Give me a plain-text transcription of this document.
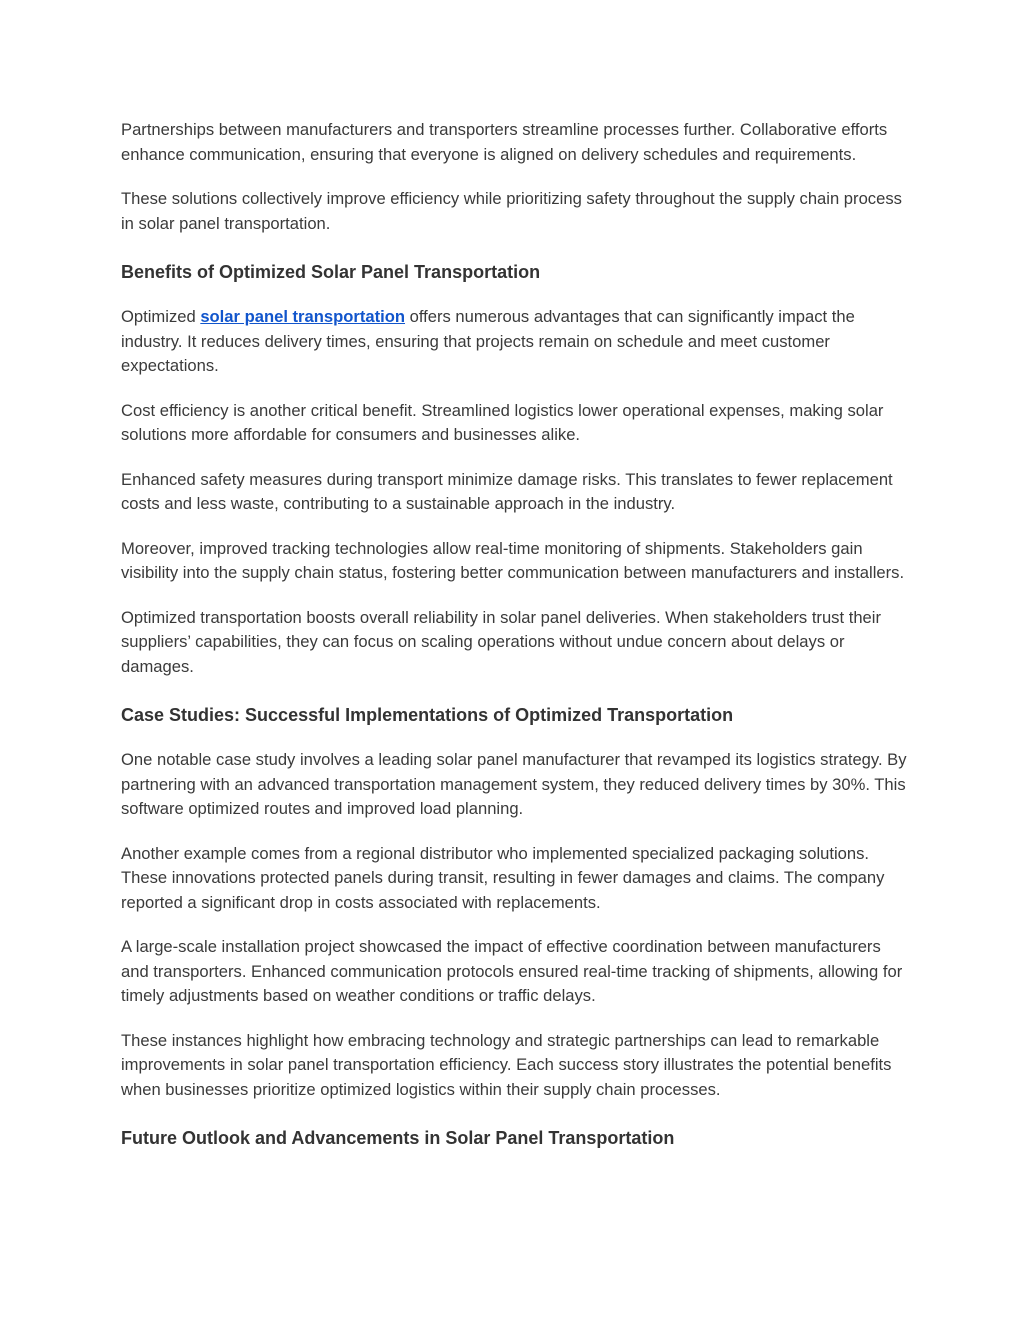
Partnerships between manufacturers and transporters streamline processes further. Collaborative efforts enhance communication, ensuring that everyone is aligned on delivery schedules and requirements.

These solutions collectively improve efficiency while prioritizing safety throughout the supply chain process in solar panel transportation.

Benefits of Optimized Solar Panel Transportation

Optimized solar panel transportation offers numerous advantages that can significantly impact the industry. It reduces delivery times, ensuring that projects remain on schedule and meet customer expectations.

Cost efficiency is another critical benefit. Streamlined logistics lower operational expenses, making solar solutions more affordable for consumers and businesses alike.

Enhanced safety measures during transport minimize damage risks. This translates to fewer replacement costs and less waste, contributing to a sustainable approach in the industry.

Moreover, improved tracking technologies allow real-time monitoring of shipments. Stakeholders gain visibility into the supply chain status, fostering better communication between manufacturers and installers.

Optimized transportation boosts overall reliability in solar panel deliveries. When stakeholders trust their suppliers’ capabilities, they can focus on scaling operations without undue concern about delays or damages.

Case Studies: Successful Implementations of Optimized Transportation

One notable case study involves a leading solar panel manufacturer that revamped its logistics strategy. By partnering with an advanced transportation management system, they reduced delivery times by 30%. This software optimized routes and improved load planning.

Another example comes from a regional distributor who implemented specialized packaging solutions. These innovations protected panels during transit, resulting in fewer damages and claims. The company reported a significant drop in costs associated with replacements.

A large-scale installation project showcased the impact of effective coordination between manufacturers and transporters. Enhanced communication protocols ensured real-time tracking of shipments, allowing for timely adjustments based on weather conditions or traffic delays.

These instances highlight how embracing technology and strategic partnerships can lead to remarkable improvements in solar panel transportation efficiency. Each success story illustrates the potential benefits when businesses prioritize optimized logistics within their supply chain processes.

Future Outlook and Advancements in Solar Panel Transportation
